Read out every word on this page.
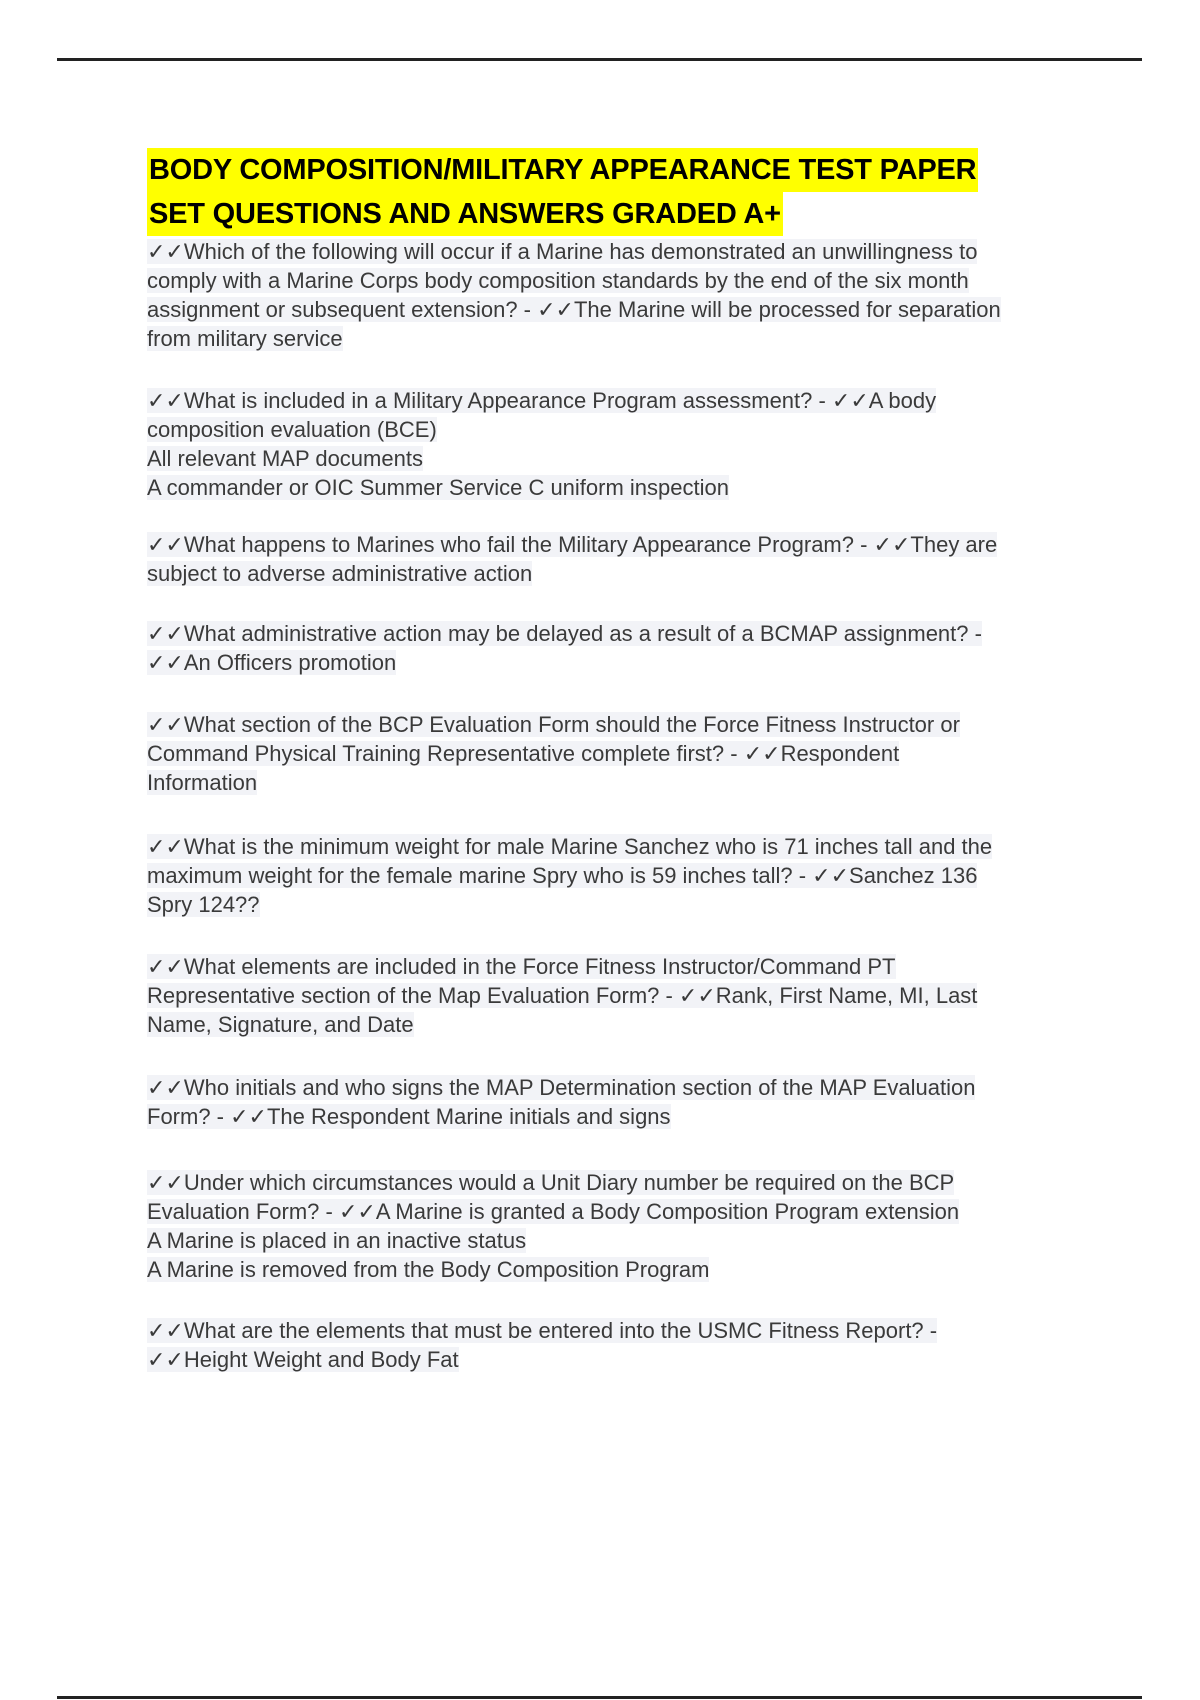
BODY COMPOSITION/MILITARY APPEARANCE TEST PAPER
SET QUESTIONS AND ANSWERS GRADED A+
✓✓Which of the following will occur if a Marine has demonstrated an unwillingness to
comply with a Marine Corps body composition standards by the end of the six month
assignment or subsequent extension? - ✓✓The Marine will be processed for separation
from military service
✓✓What is included in a Military Appearance Program assessment? - ✓✓A body
composition evaluation (BCE)
All relevant MAP documents
A commander or OIC Summer Service C uniform inspection
✓✓What happens to Marines who fail the Military Appearance Program? - ✓✓They are
subject to adverse administrative action
✓✓What administrative action may be delayed as a result of a BCMAP assignment? -
✓✓An Officers promotion
✓✓What section of the BCP Evaluation Form should the Force Fitness Instructor or
Command Physical Training Representative complete first? - ✓✓Respondent
Information
✓✓What is the minimum weight for male Marine Sanchez who is 71 inches tall and the
maximum weight for the female marine Spry who is 59 inches tall? - ✓✓Sanchez 136
Spry 124??
✓✓What elements are included in the Force Fitness Instructor/Command PT
Representative section of the Map Evaluation Form? - ✓✓Rank, First Name, MI, Last
Name, Signature, and Date
✓✓Who initials and who signs the MAP Determination section of the MAP Evaluation
Form? - ✓✓The Respondent Marine initials and signs
✓✓Under which circumstances would a Unit Diary number be required on the BCP
Evaluation Form? - ✓✓A Marine is granted a Body Composition Program extension
A Marine is placed in an inactive status
A Marine is removed from the Body Composition Program
✓✓What are the elements that must be entered into the USMC Fitness Report? -
✓✓Height Weight and Body Fat
